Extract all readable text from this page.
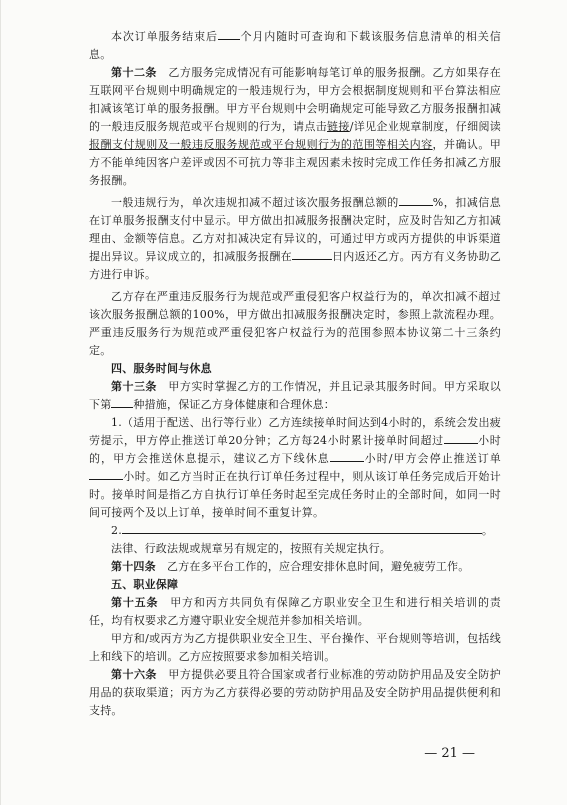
本次订单服务结束后 个月内随时可查询和下载该服务信息清单的相关信息。

第十二条　 乙方服务完成情况有可能影响每笔订单的服务报酬。乙方如果存在互联网平台规则中明确规定的一般违规行为，甲方会根据制度规则和平台算法相应扣减该笔订单的服务报酬。甲方平台规则中会明确规定可能导致乙方服务报酬扣减的一般违反服务规范或平台规则的行为，请点击链接/详见企业规章制度，仔细阅读报酬支付规则及一般违反服务规范或平台规则行为的范围等相关内容，并确认。甲方不能单纯因客户差评或因不可抗力等非主观因素未按时完成工作任务扣减乙方服务报酬。

一般违规行为，单次违规扣减不超过该次服务报酬总额的	%，扣减信息在订单服务报酬支付中显示。甲方做出扣减服务报酬决定时，应及时告知乙方扣减理由、金额等信息。乙方对扣减决定有异议的，可通过甲方或丙方提供的申诉渠道提出异议。异议成立的，扣减服务报酬在	日内返还乙方。丙方有义务协助乙方进行申诉。

乙方存在严重违反服务行为规范或严重侵犯客户权益行为的，单次扣减不超过该次服务报酬总额的100%，甲方做出扣减服务报酬决定时，参照上款流程办理。严重违反服务行为规范或严重侵犯客户权益行为的范围参照本协议第二十三条约定。

四、服务时间与休息

第十三条　 甲方实时掌握乙方的工作情况，并且记录其服务时间。甲方采取以下第 种措施，保证乙方身体健康和合理休息：

1.（适用于配送、出行等行业）乙方连续接单时间达到4小时的，系统会发出疲劳提示，甲方停止推送订单20分钟；乙方每24小时累计接单时间超过	小时的，甲方会推送休息提示，建议乙方下线休息	小时/甲方会停止推送订单小时。如乙方当时正在执行订单任务过程中，则从该订单任务完成后开始计时。接单时间是指乙方自执行订单任务时起至完成任务时止的全部时间，如同一时间可接两个及以上订单，接单时间不重复计算。

2.	。

法律、行政法规或规章另有规定的，按照有关规定执行。

第十四条　 乙方在多平台工作的，应合理安排休息时间，避免疲劳工作。

五、职业保障

第十五条　 甲方和丙方共同负有保障乙方职业安全卫生和进行相关培训的责任，均有权要求乙方遵守职业安全规范并参加相关培训。

甲方和/或丙方为乙方提供职业安全卫生、平台操作、平台规则等培训，包括线上和线下的培训。乙方应按照要求参加相关培训。

第十六条　 甲方提供必要且符合国家或者行业标准的劳动防护用品及安全防护用品的获取渠道；丙方为乙方获得必要的劳动防护用品及安全防护用品提供便利和支持。

— 21 —
